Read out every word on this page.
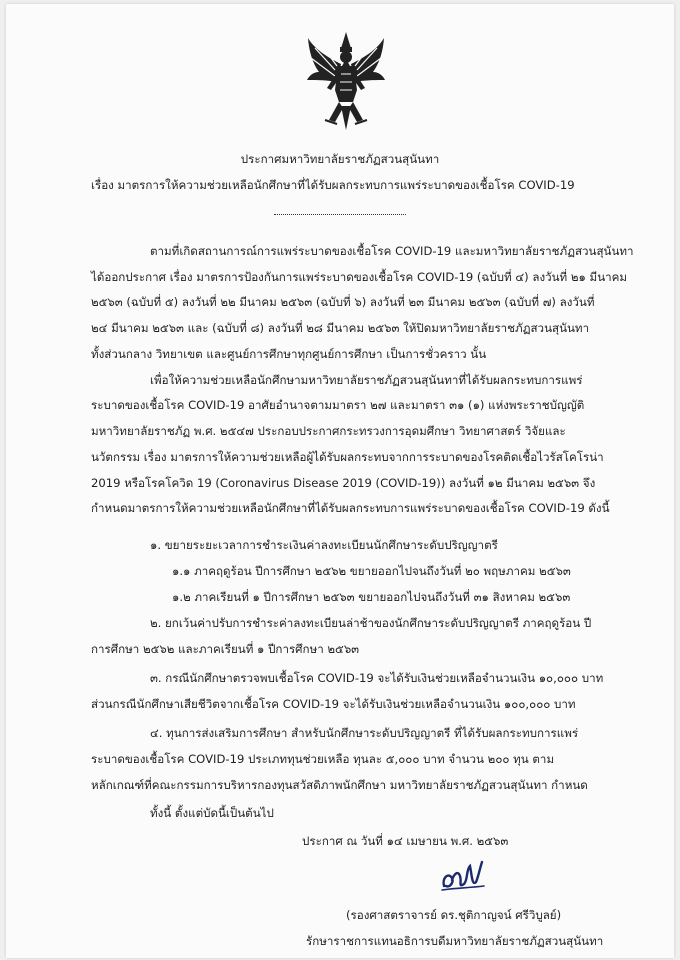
ประกาศมหาวิทยาลัยราชภัฏสวนสุนันทา
เรื่อง มาตรการให้ความช่วยเหลือนักศึกษาที่ได้รับผลกระทบการแพร่ระบาดของเชื้อโรค COVID-19
ตามที่เกิดสถานการณ์การแพร่ระบาดของเชื้อโรค COVID-19 และมหาวิทยาลัยราชภัฏสวนสุนันทา
ได้ออกประกาศ เรื่อง มาตรการป้องกันการแพร่ระบาดของเชื้อโรค COVID-19 (ฉบับที่ ๔) ลงวันที่ ๒๑ มีนาคม
๒๕๖๓ (ฉบับที่ ๕) ลงวันที่ ๒๒ มีนาคม ๒๕๖๓ (ฉบับที่ ๖) ลงวันที่ ๒๓ มีนาคม ๒๕๖๓ (ฉบับที่ ๗) ลงวันที่
๒๔ มีนาคม ๒๕๖๓ และ (ฉบับที่ ๘) ลงวันที่ ๒๘ มีนาคม ๒๕๖๓ ให้ปิดมหาวิทยาลัยราชภัฏสวนสุนันทา
ทั้งส่วนกลาง วิทยาเขต และศูนย์การศึกษาทุกศูนย์การศึกษา เป็นการชั่วคราว นั้น
เพื่อให้ความช่วยเหลือนักศึกษามหาวิทยาลัยราชภัฏสวนสุนันทาที่ได้รับผลกระทบการแพร่
ระบาดของเชื้อโรค COVID-19 อาศัยอำนาจตามมาตรา ๒๗ และมาตรา ๓๑ (๑) แห่งพระราชบัญญัติ
มหาวิทยาลัยราชภัฏ พ.ศ. ๒๕๔๗ ประกอบประกาศกระทรวงการอุดมศึกษา วิทยาศาสตร์ วิจัยและ
นวัตกรรม เรื่อง มาตรการให้ความช่วยเหลือผู้ได้รับผลกระทบจากการระบาดของโรคติดเชื้อไวรัสโคโรน่า
2019 หรือโรคโควิด 19 (Coronavirus Disease 2019 (COVID-19)) ลงวันที่ ๑๒ มีนาคม ๒๕๖๓ จึง
กำหนดมาตรการให้ความช่วยเหลือนักศึกษาที่ได้รับผลกระทบการแพร่ระบาดของเชื้อโรค COVID-19 ดังนี้
๑. ขยายระยะเวลาการชำระเงินค่าลงทะเบียนนักศึกษาระดับปริญญาตรี
๑.๑ ภาคฤดูร้อน ปีการศึกษา ๒๕๖๒ ขยายออกไปจนถึงวันที่ ๒๐ พฤษภาคม ๒๕๖๓
๑.๒ ภาคเรียนที่ ๑ ปีการศึกษา ๒๕๖๓ ขยายออกไปจนถึงวันที่ ๓๑ สิงหาคม ๒๕๖๓
๒. ยกเว้นค่าปรับการชำระค่าลงทะเบียนล่าช้าของนักศึกษาระดับปริญญาตรี ภาคฤดูร้อน ปี
การศึกษา ๒๕๖๒ และภาคเรียนที่ ๑ ปีการศึกษา ๒๕๖๓
๓. กรณีนักศึกษาตรวจพบเชื้อโรค COVID-19 จะได้รับเงินช่วยเหลือจำนวนเงิน ๑๐,๐๐๐ บาท
ส่วนกรณีนักศึกษาเสียชีวิตจากเชื้อโรค COVID-19 จะได้รับเงินช่วยเหลือจำนวนเงิน ๑๐๐,๐๐๐ บาท
๔. ทุนการส่งเสริมการศึกษา สำหรับนักศึกษาระดับปริญญาตรี ที่ได้รับผลกระทบการแพร่
ระบาดของเชื้อโรค COVID-19 ประเภททุนช่วยเหลือ ทุนละ ๕,๐๐๐ บาท จำนวน ๒๐๐ ทุน ตาม
หลักเกณฑ์ที่คณะกรรมการบริหารกองทุนสวัสดิภาพนักศึกษา มหาวิทยาลัยราชภัฏสวนสุนันทา กำหนด
ทั้งนี้ ตั้งแต่บัดนี้เป็นต้นไป
ประกาศ ณ วันที่ ๑๔ เมษายน พ.ศ. ๒๕๖๓
(รองศาสตราจารย์ ดร.ชุติกาญจน์ ศรีวิบูลย์)
รักษาราชการแทนอธิการบดีมหาวิทยาลัยราชภัฏสวนสุนันทา
